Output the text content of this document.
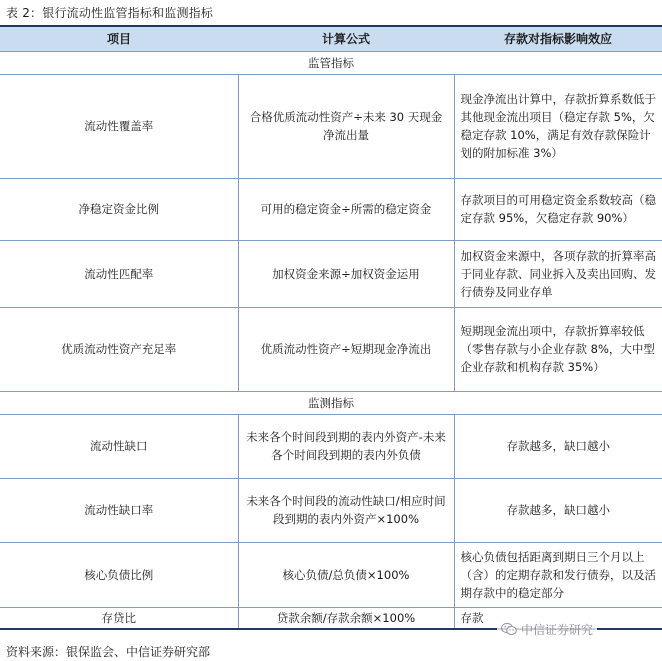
表 2：银行流动性监管指标和监测指标
项目	计算公式	存款对指标影响效应
监管指标		
流动性覆盖率	合格优质流动性资产÷未来 30 天现金净流出量	现金净流出计算中，存款折算系数低于其他现金流出项目（稳定存款 5%，欠稳定存款 10%，满足有效存款保险计划的附加标准 3%）
净稳定资金比例	可用的稳定资金÷所需的稳定资金	存款项目的可用稳定资金系数较高（稳定存款 95%，欠稳定存款 90%）
流动性匹配率	加权资金来源÷加权资金运用	加权资金来源中，各项存款的折算率高于同业存款、同业拆入及卖出回购、发行债券及同业存单
优质流动性资产充足率	优质流动性资产÷短期现金净流出	短期现金流出项中，存款折算率较低（零售存款与小企业存款 8%，大中型企业存款和机构存款 35%）
监测指标		
流动性缺口	未来各个时间段到期的表内外资产-未来各个时间段到期的表内外负债	存款越多，缺口越小
流动性缺口率	未来各个时间段的流动性缺口/相应时间段到期的表内外资产×100%	存款越多，缺口越小
核心负债比例	核心负债/总负债×100%	核心负债包括距离到期日三个月以上（含）的定期存款和发行债券，以及活期存款中的稳定部分
存贷比	贷款余额/存款余额×100%	存款
中信证券研究
资料来源：银保监会、中信证券研究部
